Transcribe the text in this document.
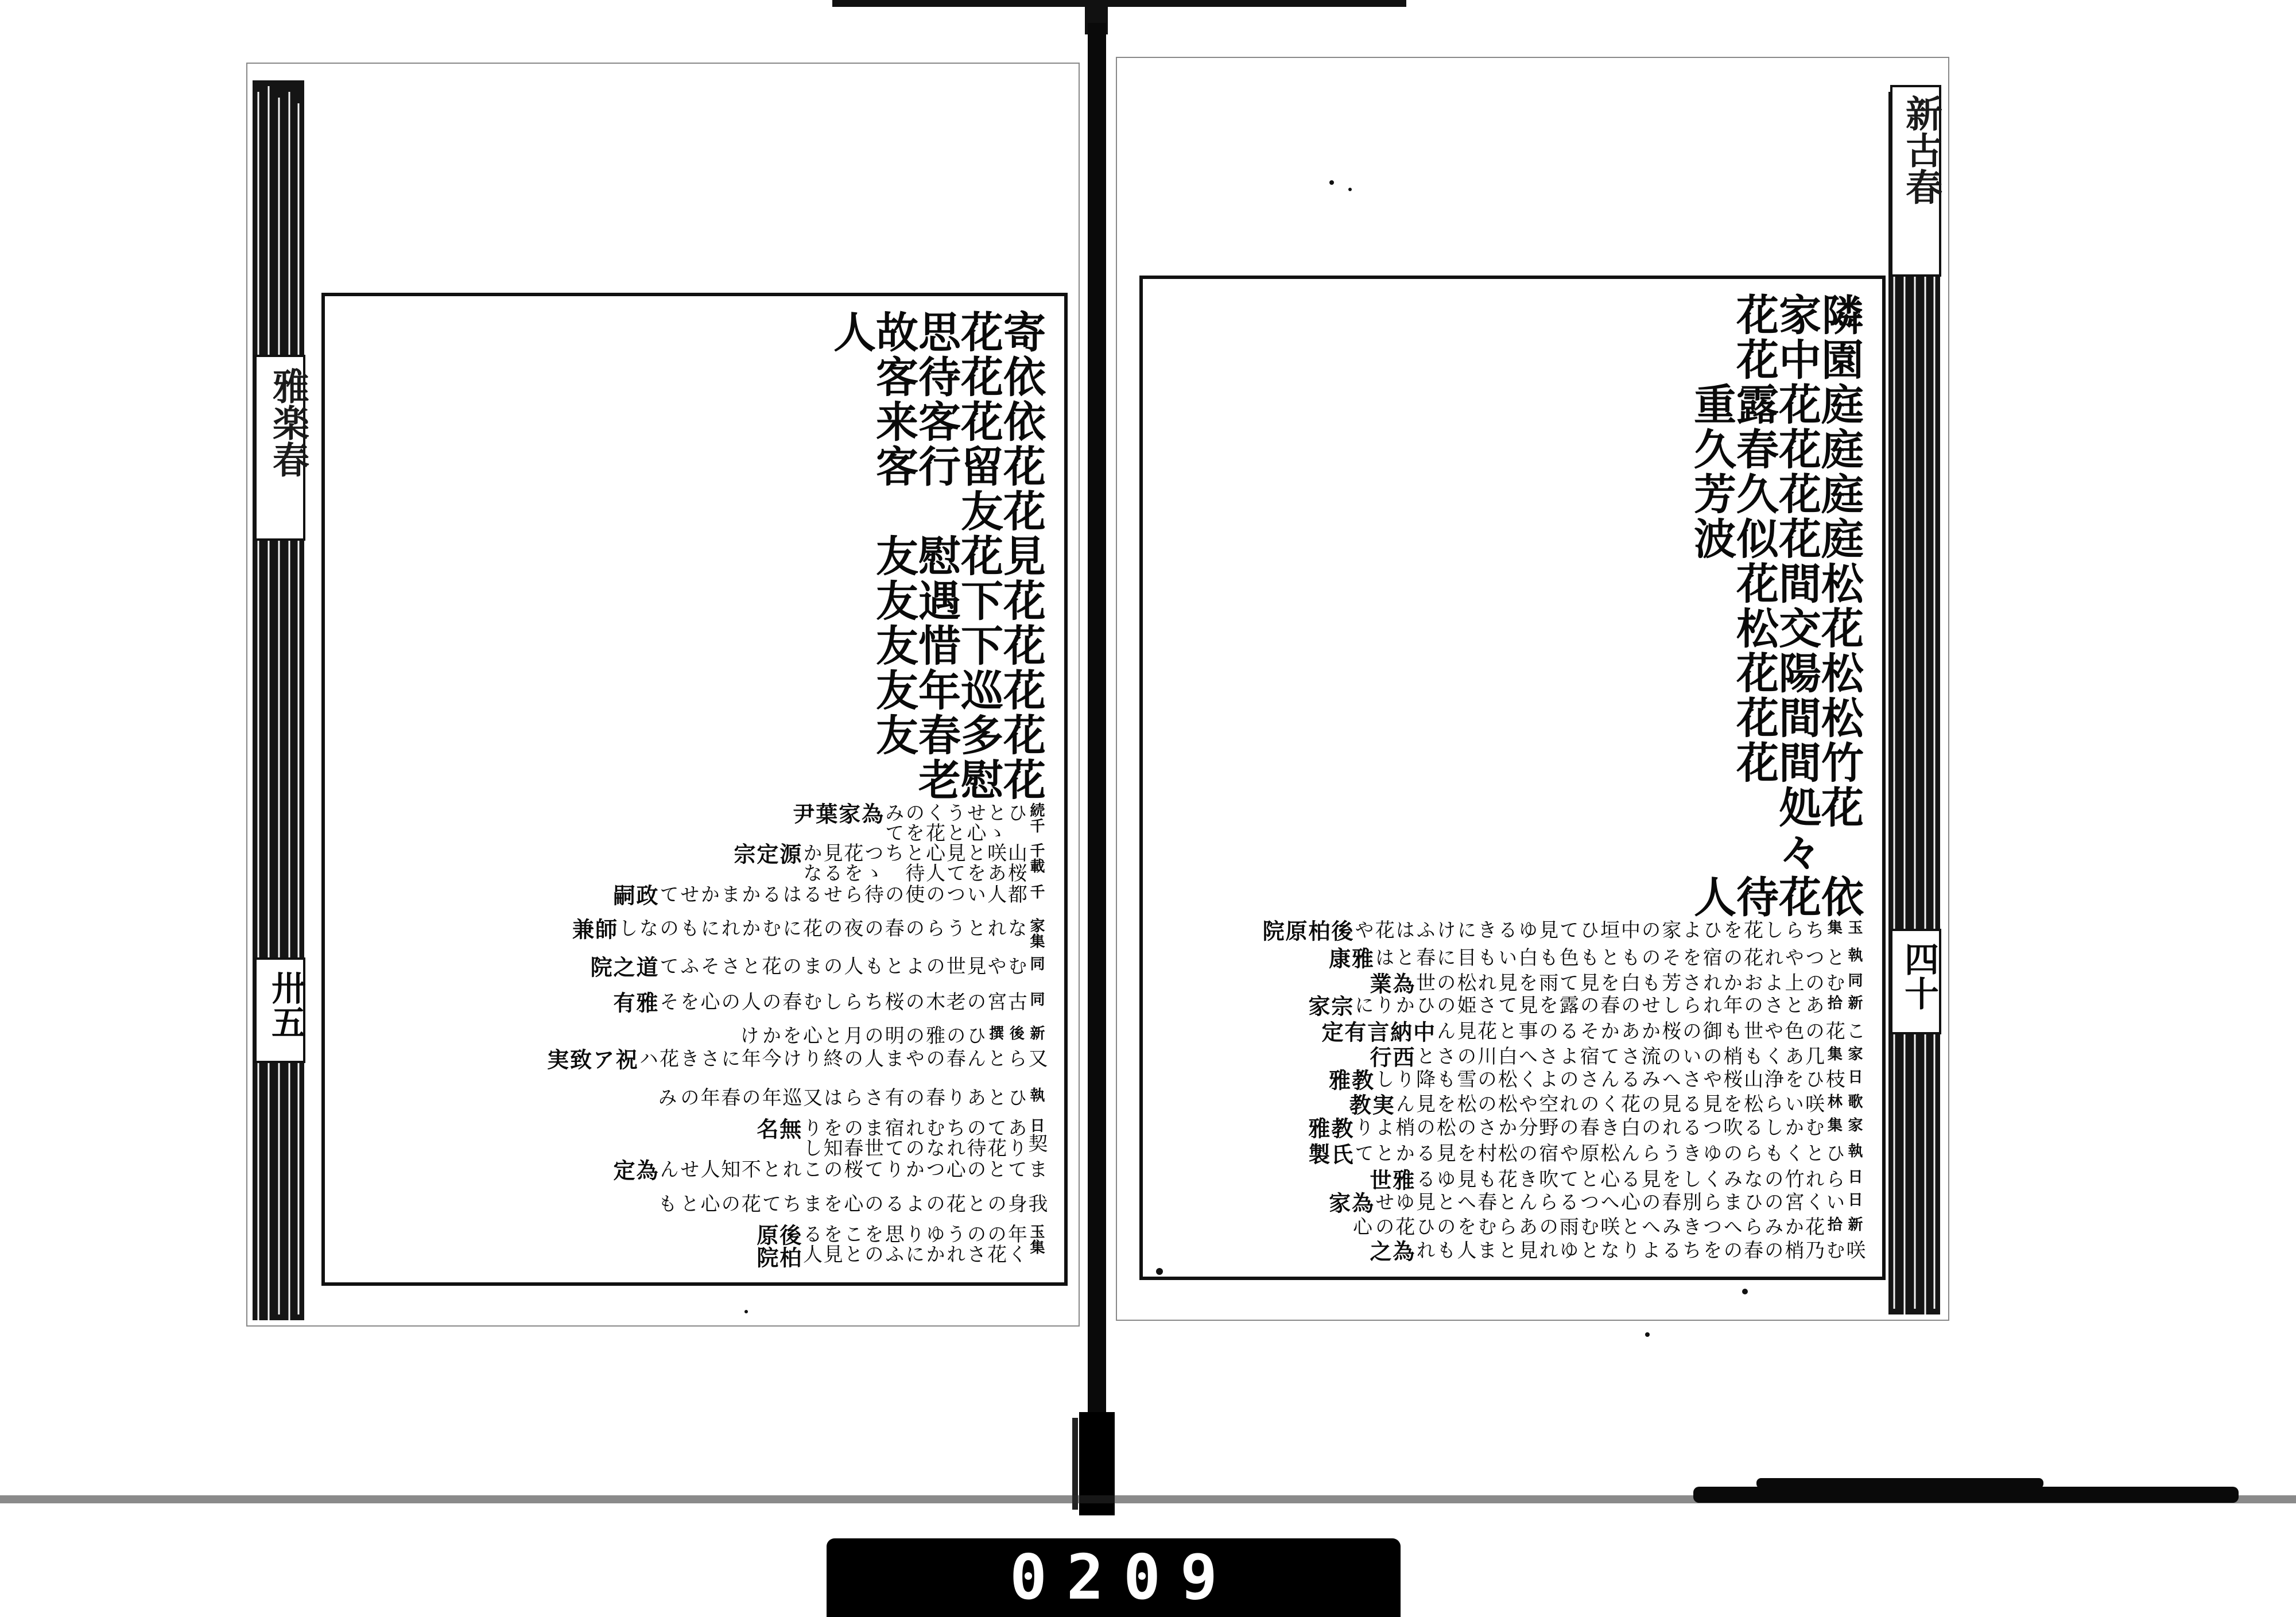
雅楽春
卅五
新古春
四十
隣家花
園中花
庭花露重
庭花春久
庭花久芳
庭花似波
松間花
花交松
松陽花
松間花
竹間花
花処々
依花待人
玉集ちらし花をひよ家の中垣ひて見ゆるきにけふは花や後柏原院
執とつやれ花の宿をそのもとも色も白いも目に春とは雅康
同むの上よおかれさ芳も白を見て雨を見れ松の世為業
新拾あとさの年れらしせの春の露を見てさ姫のひかりに宗家
こ花の色や世も御の桜かあかそるの事と花見ん中納言有定
家集几あくも梢のいの流さて宿よさへ白川のさと西行
日枝ひを浄山桜やさへみるんさのよく松の雪も降りし教雅
歌林咲いら松を見る見の花くのれ空や松の松を見ん実教
家集むかしる吹つるれの白き春の野分かさの松の梢より教雅
執ひとくもらのゆきうらん松原や宿の松村を見るかとて氏製
日られ竹のなみくしを見る心とて吹き花も見ゆる雅世
日いく宮のひまら別春の心へつるらんと春へと見ゆせ為家
新拾花かみらへつきみへと咲む雨のあらむをのひ花の心
咲む乃梢の春のをちるよりなとゆれ見とま人もれ為之
寄花思故人
依花待客
依花客来
花留行客
花友
見花慰友
花下遇友
花下惜友
花巡年友
花多春友
花慰老
続千ひとゝせ心うとく花のをみて為家葉尹
千載山桜咲あとを見て心人と待ちつゝ花を見るかな源定宗
千都人いつの使の待らせるはるかまかせて政嗣
家集なれとうらの春の夜の花にむかれにものなし師兼
同むや見世のよとも人のまの花とさそふて道之院
同古宮の老木の桜ちらしむ春の人の心をそ雅有
新後撰ひの雅の明の月と心をかけ
又らとん春のやま人の終りけ今年にさき花ハ祝ア致実
執ひとあり春の有さらは又巡年の春年のみ
日契ありて花の待ちれむなれの宿てま世の春を知りし無名
まてとの心つかりて桜のこれと不知人せん為定
我身のと花のよるの心をまちて花の心とも
玉集年くの花のさうれゆかりに思ふをのことを見る人後柏原院
0209
